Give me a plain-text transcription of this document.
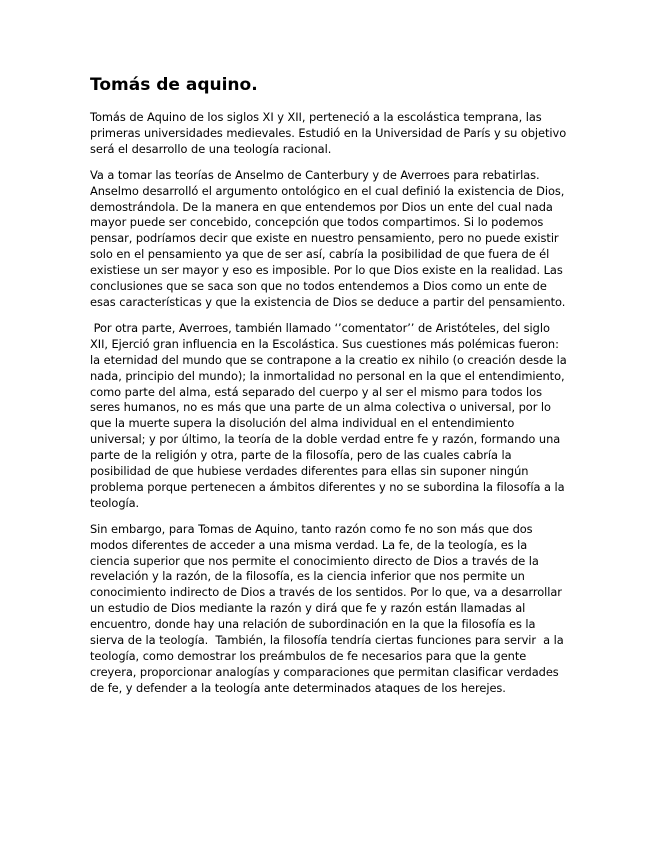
Tomás de aquino.

Tomás de Aquino de los siglos XI y XII, perteneció a la escolástica temprana, las primeras universidades medievales. Estudió en la Universidad de París y su objetivo será el desarrollo de una teología racional.

Va a tomar las teorías de Anselmo de Canterbury y de Averroes para rebatirlas. Anselmo desarrolló el argumento ontológico en el cual definió la existencia de Dios, demostrándola. De la manera en que entendemos por Dios un ente del cual nada mayor puede ser concebido, concepción que todos compartimos. Si lo podemos pensar, podríamos decir que existe en nuestro pensamiento, pero no puede existir solo en el pensamiento ya que de ser así, cabría la posibilidad de que fuera de él existiese un ser mayor y eso es imposible. Por lo que Dios existe en la realidad. Las conclusiones que se saca son que no todos entendemos a Dios como un ente de esas características y que la existencia de Dios se deduce a partir del pensamiento.

Por otra parte, Averroes, también llamado ‘’comentator’’ de Aristóteles, del siglo XII, Ejerció gran influencia en la Escolástica. Sus cuestiones más polémicas fueron: la eternidad del mundo que se contrapone a la creatio ex nihilo (o creación desde la nada, principio del mundo); la inmortalidad no personal en la que el entendimiento, como parte del alma, está separado del cuerpo y al ser el mismo para todos los seres humanos, no es más que una parte de un alma colectiva o universal, por lo que la muerte supera la disolución del alma individual en el entendimiento universal; y por último, la teoría de la doble verdad entre fe y razón, formando una parte de la religión y otra, parte de la filosofía, pero de las cuales cabría la posibilidad de que hubiese verdades diferentes para ellas sin suponer ningún problema porque pertenecen a ámbitos diferentes y no se subordina la filosofía a la teología.

Sin embargo, para Tomas de Aquino, tanto razón como fe no son más que dos modos diferentes de acceder a una misma verdad. La fe, de la teología, es la ciencia superior que nos permite el conocimiento directo de Dios a través de la revelación y la razón, de la filosofía, es la ciencia inferior que nos permite un conocimiento indirecto de Dios a través de los sentidos. Por lo que, va a desarrollar un estudio de Dios mediante la razón y dirá que fe y razón están llamadas al encuentro, donde hay una relación de subordinación en la que la filosofía es la sierva de la teología.  También, la filosofía tendría ciertas funciones para servir  a la teología, como demostrar los preámbulos de fe necesarios para que la gente creyera, proporcionar analogías y comparaciones que permitan clasificar verdades de fe, y defender a la teología ante determinados ataques de los herejes.
